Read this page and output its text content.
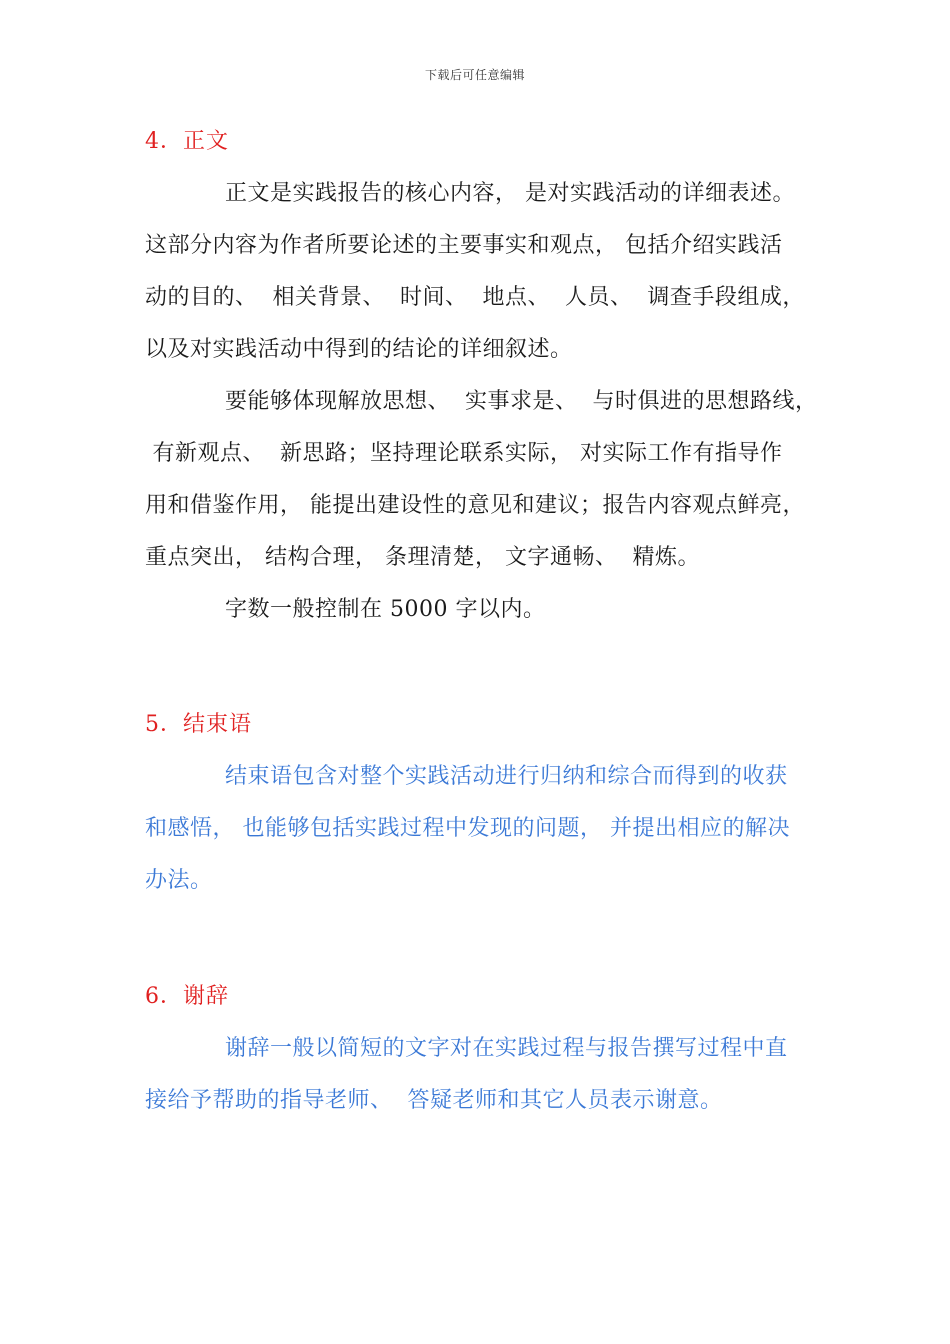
下载后可任意编辑
4．正文
正文是实践报告的核心内容， 是对实践活动的详细表述。
这部分内容为作者所要论述的主要事实和观点， 包括介绍实践活
动的目的、  相关背景、  时间、  地点、  人员、  调查手段组成，
以及对实践活动中得到的结论的详细叙述。
要能够体现解放思想、  实事求是、  与时俱进的思想路线，
有新观点、  新思路；坚持理论联系实际， 对实际工作有指导作
用和借鉴作用， 能提出建设性的意见和建议；报告内容观点鲜亮，
重点突出， 结构合理， 条理清楚， 文字通畅、  精炼。
字数一般控制在 5000 字以内。
5．结束语
结束语包含对整个实践活动进行归纳和综合而得到的收获
和感悟， 也能够包括实践过程中发现的问题， 并提出相应的解决
办法。
6．谢辞
谢辞一般以简短的文字对在实践过程与报告撰写过程中直
接给予帮助的指导老师、  答疑老师和其它人员表示谢意。
